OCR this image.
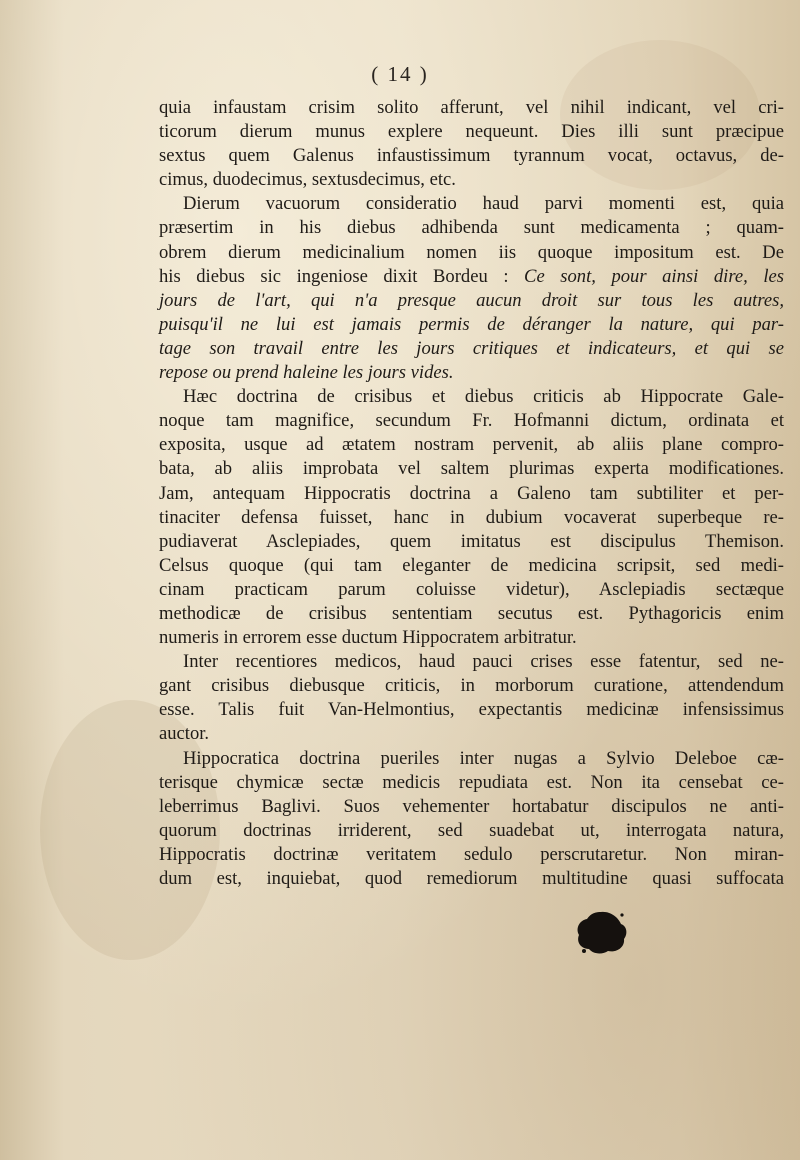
( 14 )
quia infaustam crisim solito afferunt, vel nihil indicant, vel cri-
ticorum dierum munus explere nequeunt. Dies illi sunt præcipue
sextus quem Galenus infaustissimum tyrannum vocat, octavus, de-
cimus, duodecimus, sextusdecimus, etc.
Dierum vacuorum consideratio haud parvi momenti est, quia
præsertim in his diebus adhibenda sunt medicamenta ; quam-
obrem dierum medicinalium nomen iis quoque impositum est. De
his diebus sic ingeniose dixit Bordeu : Ce sont, pour ainsi dire, les
jours de l'art, qui n'a presque aucun droit sur tous les autres,
puisqu'il ne lui est jamais permis de déranger la nature, qui par-
tage son travail entre les jours critiques et indicateurs, et qui se
repose ou prend haleine les jours vides.
Hæc doctrina de crisibus et diebus criticis ab Hippocrate Gale-
noque tam magnifice, secundum Fr. Hofmanni dictum, ordinata et
exposita, usque ad ætatem nostram pervenit, ab aliis plane compro-
bata, ab aliis improbata vel saltem plurimas experta modificationes.
Jam, antequam Hippocratis doctrina a Galeno tam subtiliter et per-
tinaciter defensa fuisset, hanc in dubium vocaverat superbeque re-
pudiaverat Asclepiades, quem imitatus est discipulus Themison.
Celsus quoque (qui tam eleganter de medicina scripsit, sed medi-
cinam practicam parum coluisse videtur), Asclepiadis sectæque
methodicæ de crisibus sententiam secutus est. Pythagoricis enim
numeris in errorem esse ductum Hippocratem arbitratur.
Inter recentiores medicos, haud pauci crises esse fatentur, sed ne-
gant crisibus diebusque criticis, in morborum curatione, attendendum
esse. Talis fuit Van-Helmontius, expectantis medicinæ infensissimus
auctor.
Hippocratica doctrina pueriles inter nugas a Sylvio Deleboe cæ-
terisque chymicæ sectæ medicis repudiata est. Non ita censebat ce-
leberrimus Baglivi. Suos vehementer hortabatur discipulos ne anti-
quorum doctrinas irriderent, sed suadebat ut, interrogata natura,
Hippocratis doctrinæ veritatem sedulo perscrutaretur. Non miran-
dum est, inquiebat, quod remediorum multitudine quasi suffocata
